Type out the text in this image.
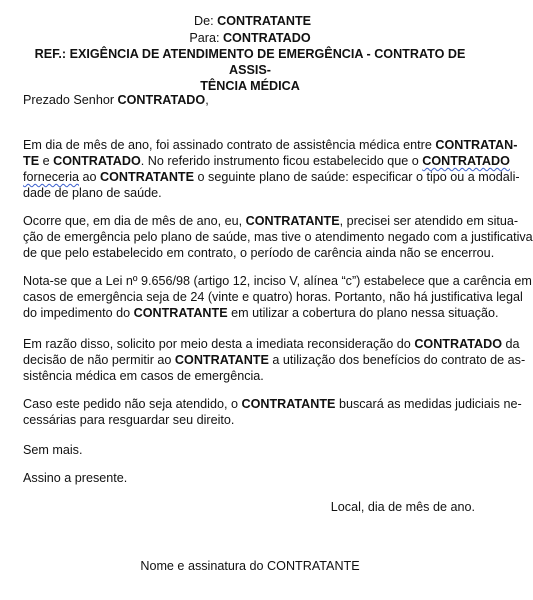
De: CONTRATANTE
Para: CONTRATADO
REF.: EXIGÊNCIA DE ATENDIMENTO DE EMERGÊNCIA - CONTRATO DE ASSIS-
TÊNCIA MÉDICA
Prezado Senhor CONTRATADO,
Em dia de mês de ano, foi assinado contrato de assistência médica entre CONTRATAN-
TE e CONTRATADO. No referido instrumento ficou estabelecido que o CONTRATADO
forneceria ao CONTRATANTE o seguinte plano de saúde: especificar o tipo ou a modali-
dade de plano de saúde.
Ocorre que, em dia de mês de ano, eu, CONTRATANTE, precisei ser atendido em situa-
ção de emergência pelo plano de saúde, mas tive o atendimento negado com a justificativa
de que pelo estabelecido em contrato, o período de carência ainda não se encerrou.
Nota-se que a Lei nº 9.656/98 (artigo 12, inciso V, alínea “c”) estabelece que a carência em
casos de emergência seja de 24 (vinte e quatro) horas. Portanto, não há justificativa legal
do impedimento do CONTRATANTE em utilizar a cobertura do plano nessa situação.
Em razão disso, solicito por meio desta a imediata reconsideração do CONTRATADO da
decisão de não permitir ao CONTRATANTE a utilização dos benefícios do contrato de as-
sistência médica em casos de emergência.
Caso este pedido não seja atendido, o CONTRATANTE buscará as medidas judiciais ne-
cessárias para resguardar seu direito.
Sem mais.
Assino a presente.
Local, dia de mês de ano.
Nome e assinatura do CONTRATANTE
